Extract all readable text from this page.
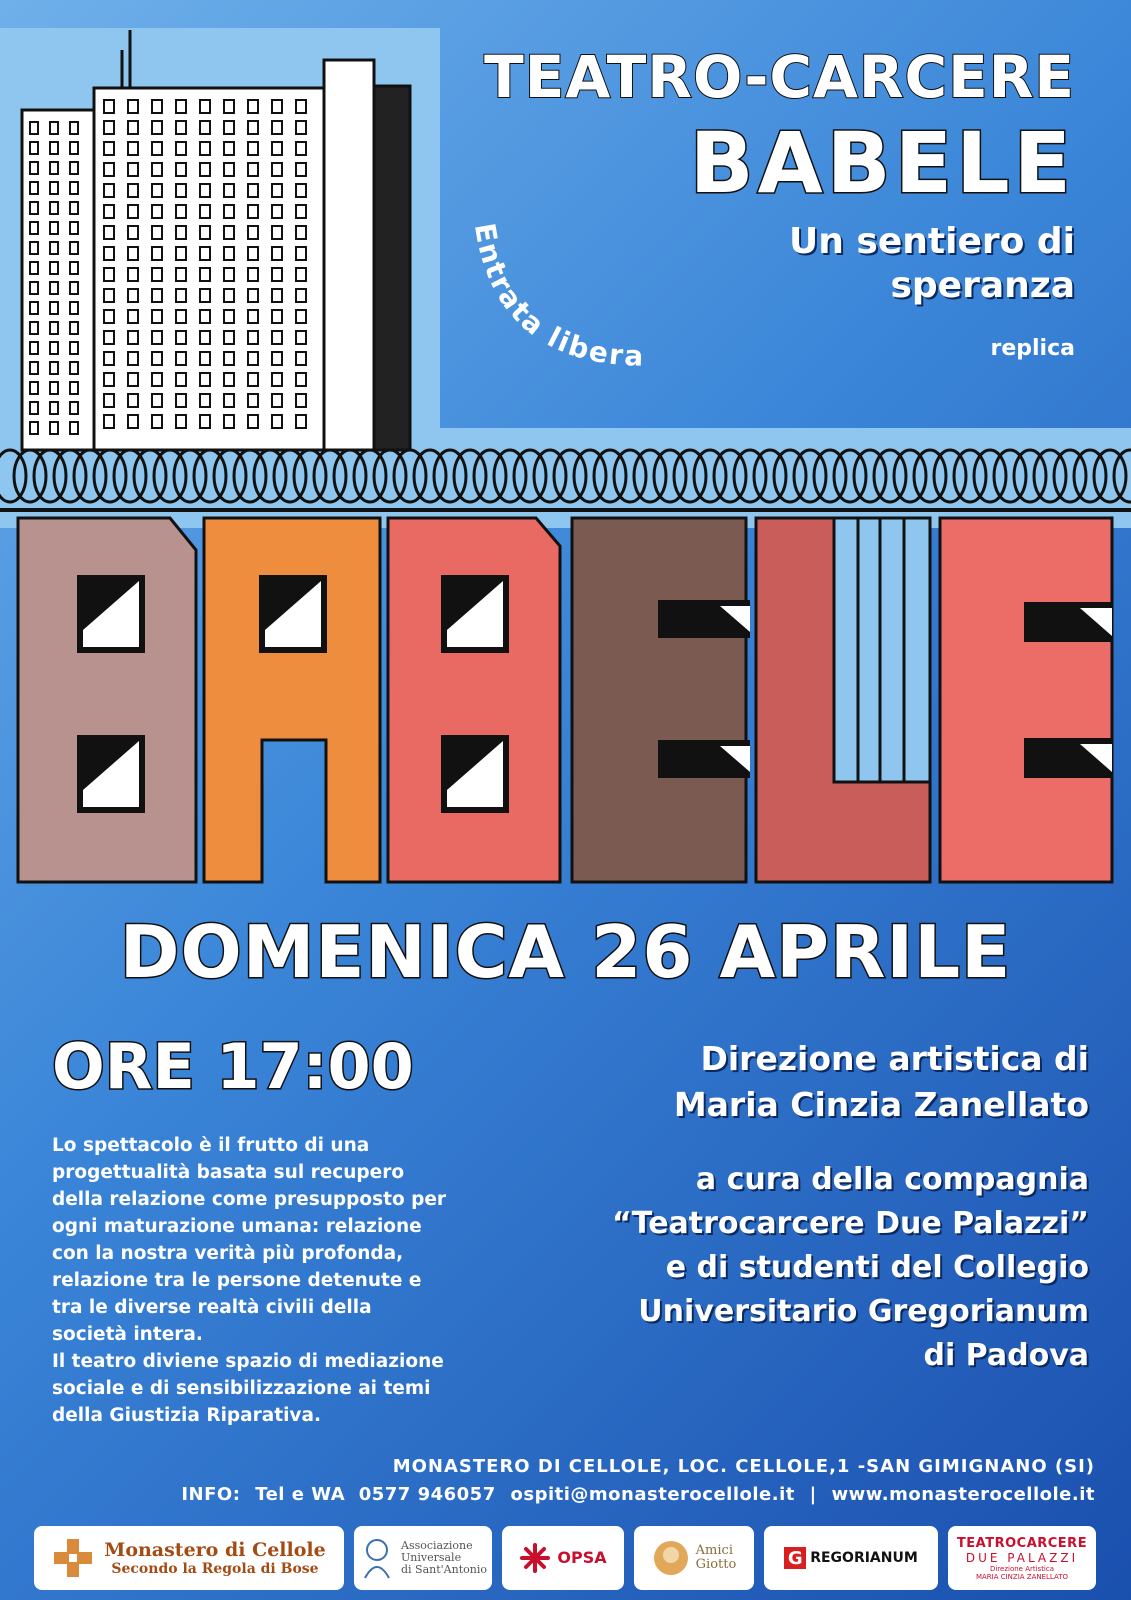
Entrata libera
TEATRO-CARCERE
BABELE
Un sentiero di
speranza
replica
DOMENICA 26 APRILE
ORE 17:00

Lo spettacolo è il frutto di una

progettualità basata sul recupero

della relazione come presupposto per

ogni maturazione umana: relazione

con la nostra verità più profonda,

relazione tra le persone detenute e

tra le diverse realtà civili della

società intera.

Il teatro diviene spazio di mediazione

sociale e di sensibilizzazione ai temi

della Giustizia Riparativa.

Direzione artistica di
Maria Cinzia Zanellato
a cura della compagnia
“Teatrocarcere Due Palazzi”
e di studenti del Collegio
Universitario Gregorianum
di Padova
MONASTERO DI CELLOLE, LOC. CELLOLE,1 -SAN GIMIGNANO (SI)
INFO: Tel e WA  0577 946057 ospiti@monasterocellole.it | www.monasterocellole.it
Monastero di Cellole
Secondo la Regola di Bose
Associazione
Universale
di Sant'Antonio
OPSA	Amici
Giotto	G REGORIANUM
TEATROCARCERE
DUE PALAZZI
Direzione Artistica
MARIA CINZIA ZANELLATO
